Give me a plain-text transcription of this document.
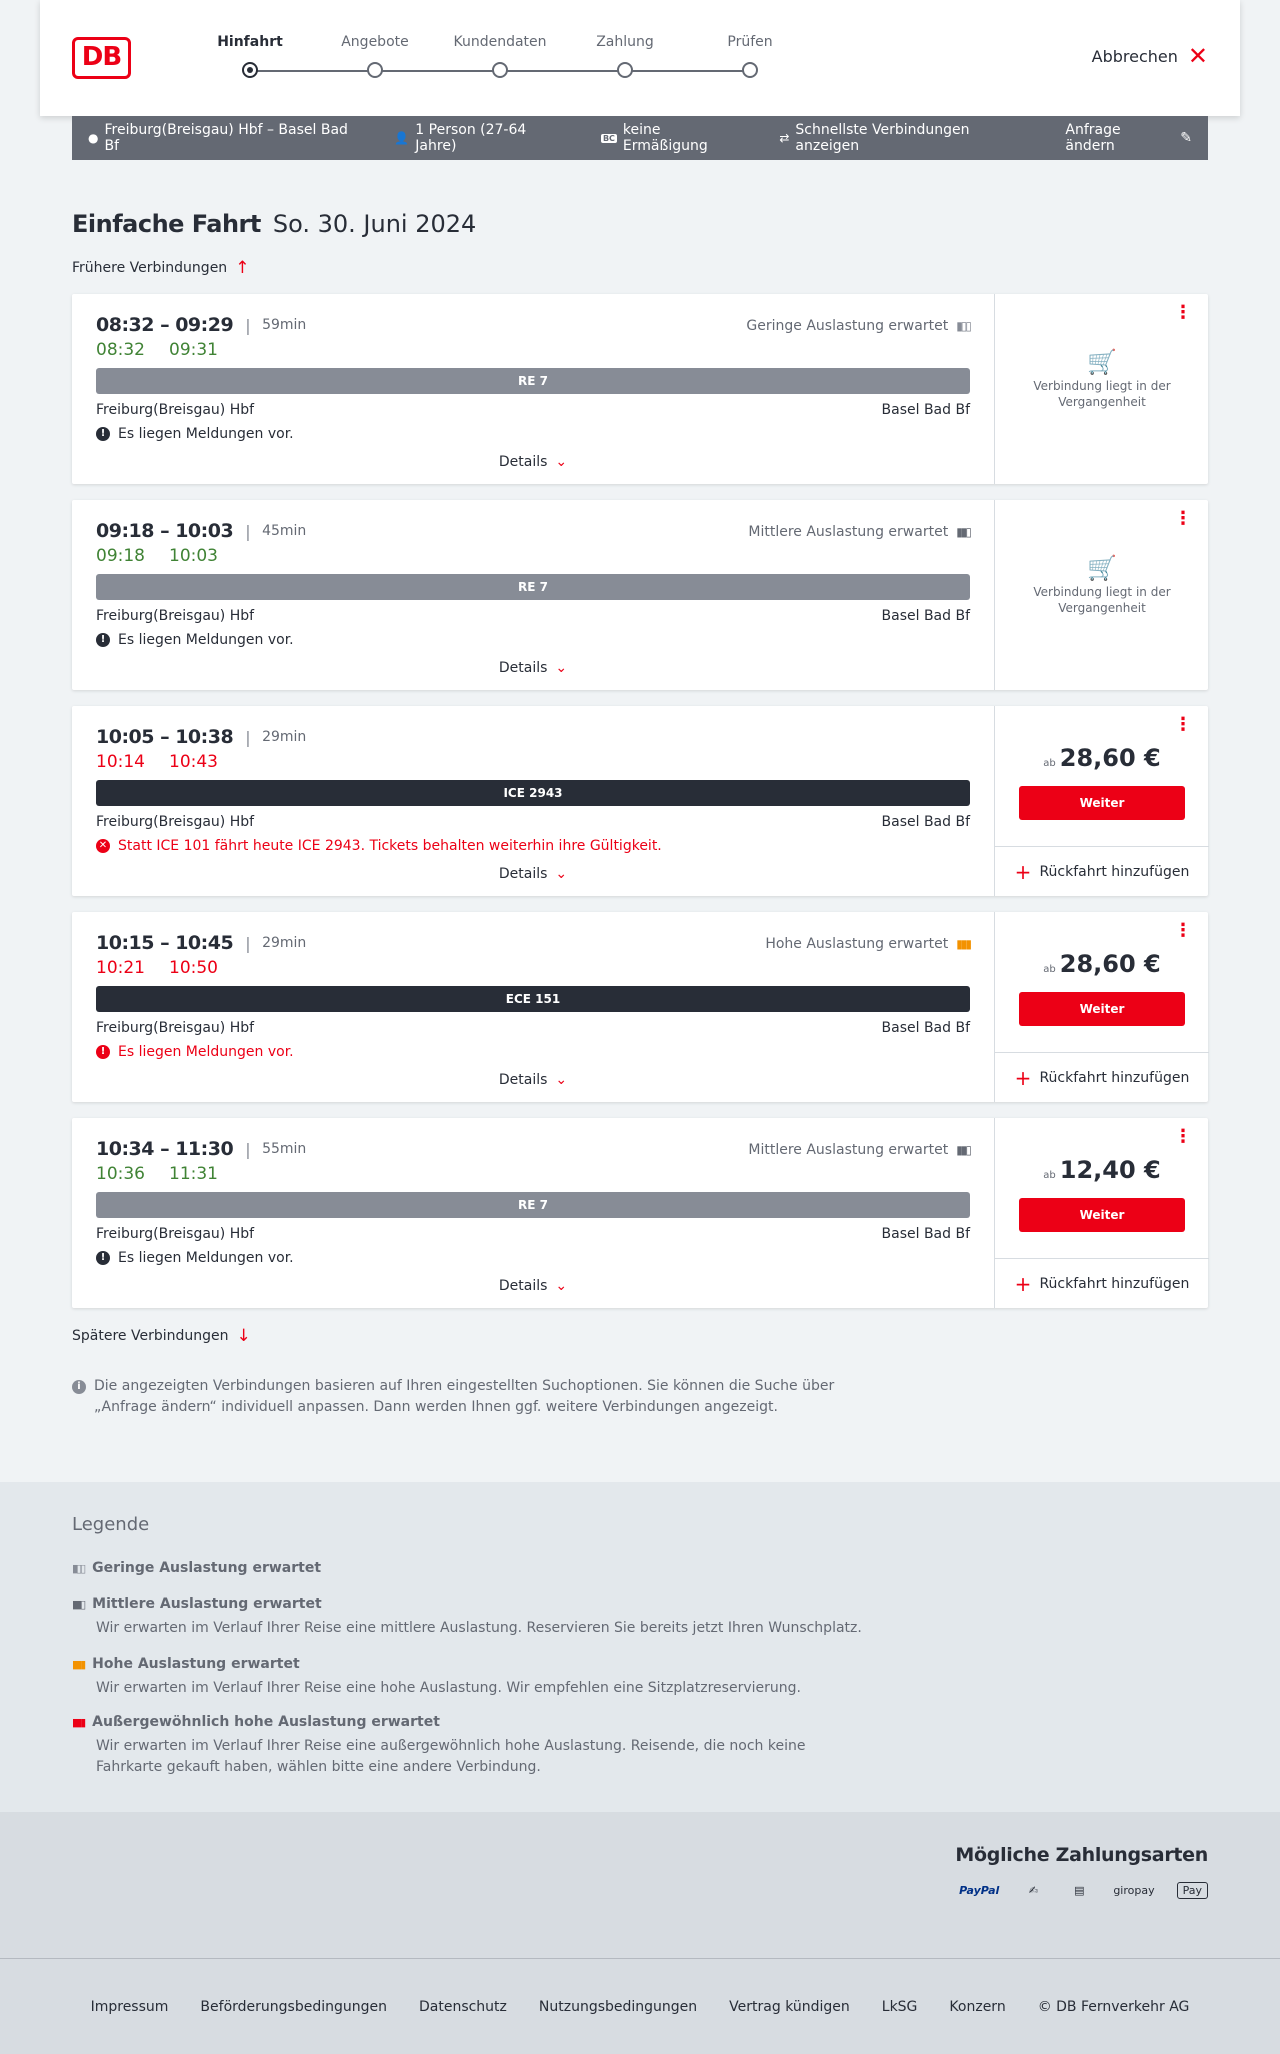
DB	Hinfahrt	Angebote	Kundendaten	Zahlung	Prüfen
Abbrechen ✕
● Freiburg(Breisgau) Hbf – Basel Bad Bf	👤 1 Person (27-64 Jahre)	BC keine Ermäßigung	⇄ Schnellste Verbindungen anzeigen
Anfrage ändern	✎
Einfache Fahrt So. 30. Juni 2024
Frühere Verbindungen ↑
08:32 – 09:29 | 59min	Geringe Auslastung erwartet ▮▯▯
08:32 09:31
RE 7
Freiburg(Breisgau) Hbf	Basel Bad Bf
! Es liegen Meldungen vor.
Details ⌄
⋮
🛒
Verbindung liegt in der Vergangenheit
09:18 – 10:03 | 45min	Mittlere Auslastung erwartet ▮▮▯
09:18 10:03
RE 7
Freiburg(Breisgau) Hbf	Basel Bad Bf
! Es liegen Meldungen vor.
Details ⌄
⋮
🛒
Verbindung liegt in der Vergangenheit
10:05 – 10:38 | 29min
10:14 10:43
ICE 2943
Freiburg(Breisgau) Hbf	Basel Bad Bf
✕ Statt ICE 101 fährt heute ICE 2943. Tickets behalten weiterhin ihre Gültigkeit.
Details ⌄
⋮
ab 28,60 €
Weiter
+ Rückfahrt hinzufügen
10:15 – 10:45 | 29min	Hohe Auslastung erwartet ▮▮▮
10:21 10:50
ECE 151
Freiburg(Breisgau) Hbf	Basel Bad Bf
! Es liegen Meldungen vor.
Details ⌄
⋮
ab 28,60 €
Weiter
+ Rückfahrt hinzufügen
10:34 – 11:30 | 55min	Mittlere Auslastung erwartet ▮▮▯
10:36 11:31
RE 7
Freiburg(Breisgau) Hbf	Basel Bad Bf
! Es liegen Meldungen vor.
Details ⌄
⋮
ab 12,40 €
Weiter
+ Rückfahrt hinzufügen
Spätere Verbindungen ↓
i Die angezeigten Verbindungen basieren auf Ihren eingestellten Suchoptionen. Sie können die Suche über „Anfrage ändern“ individuell anpassen. Dann werden Ihnen ggf. weitere Verbindungen angezeigt.
Legende
▮▯▯ Geringe Auslastung erwartet
▮▮▯ Mittlere Auslastung erwartet
Wir erwarten im Verlauf Ihrer Reise eine mittlere Auslastung. Reservieren Sie bereits jetzt Ihren Wunschplatz.
▮▮▮ Hohe Auslastung erwartet
Wir erwarten im Verlauf Ihrer Reise eine hohe Auslastung. Wir empfehlen eine Sitzplatzreservierung.
▮▮▮ Außergewöhnlich hohe Auslastung erwartet
Wir erwarten im Verlauf Ihrer Reise eine außergewöhnlich hohe Auslastung. Reisende, die noch keine Fahrkarte gekauft haben, wählen bitte eine andere Verbindung.
Mögliche Zahlungsarten
PayPal	✍	▤	giropay	Pay
Impressum Beförderungsbedingungen Datenschutz Nutzungsbedingungen Vertrag kündigen LkSG Konzern © DB Fernverkehr AG
